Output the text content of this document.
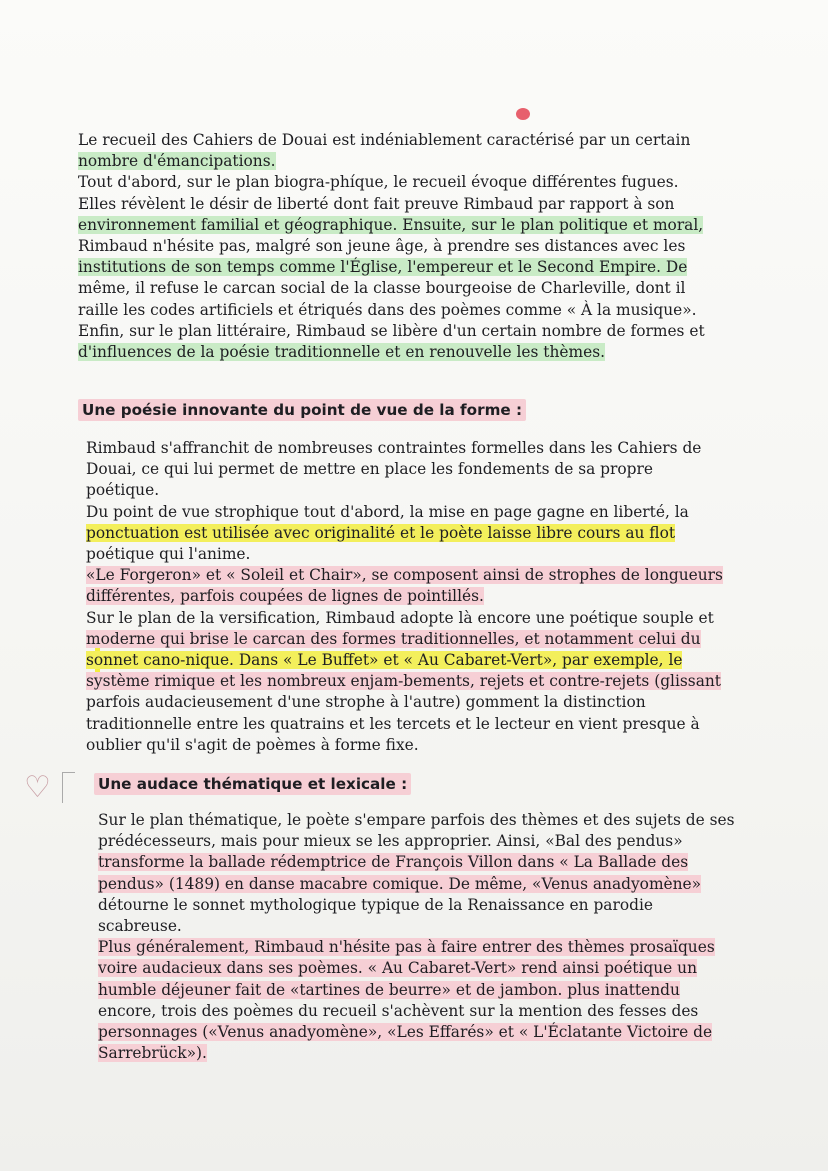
♡

Le recueil des Cahiers de Douai est indéniablement caractérisé par un certain

nombre d'émancipations.

Tout d'abord, sur le plan biogra-phíque, le recueil évoque différentes fugues.

Elles révèlent le désir de liberté dont fait preuve Rimbaud par rapport à son

environnement familial et géographique. Ensuite, sur le plan politique et moral,

Rimbaud n'hésite pas, malgré son jeune âge, à prendre ses distances avec les

institutions de son temps comme l'Église, l'empereur et le Second Empire. De

même, il refuse le carcan social de la classe bourgeoise de Charleville, dont il

raille les codes artificiels et étriqués dans des poèmes comme « À la musique».

Enfin, sur le plan littéraire, Rimbaud se libère d'un certain nombre de formes et

d'influences de la poésie traditionnelle et en renouvelle les thèmes.

Une poésie innovante du point de vue de la forme :

Rimbaud s'affranchit de nombreuses contraintes formelles dans les Cahiers de

Douai, ce qui lui permet de mettre en place les fondements de sa propre

poétique.

Du point de vue strophique tout d'abord, la mise en page gagne en liberté, la

ponctuation est utilisée avec originalité et le poète laisse libre cours au flot

poétique qui l'anime.

«Le Forgeron» et « Soleil et Chair», se composent ainsi de strophes de longueurs

différentes, parfois coupées de lignes de pointillés.

Sur le plan de la versification, Rimbaud adopte là encore une poétique souple et

moderne qui brise le carcan des formes traditionnelles, et notamment celui du

sonnet cano-nique. Dans « Le Buffet» et « Au Cabaret-Vert», par exemple, le

système rimique et les nombreux enjam-bements, rejets et contre-rejets (glissant

parfois audacieusement d'une strophe à l'autre) gomment la distinction

traditionnelle entre les quatrains et les tercets et le lecteur en vient presque à

oublier qu'il s'agit de poèmes à forme fixe.

Une audace thématique et lexicale :

Sur le plan thématique, le poète s'empare parfois des thèmes et des sujets de ses

prédécesseurs, mais pour mieux se les approprier. Ainsi, «Bal des pendus»

transforme la ballade rédemptrice de François Villon dans « La Ballade des

pendus» (1489) en danse macabre comique. De même, «Venus anadyomène»

détourne le sonnet mythologique typique de la Renaissance en parodie

scabreuse.

Plus généralement, Rimbaud n'hésite pas à faire entrer des thèmes prosaïques

voire audacieux dans ses poèmes. « Au Cabaret-Vert» rend ainsi poétique un

humble déjeuner fait de «tartines de beurre» et de jambon. plus inattendu

encore, trois des poèmes du recueil s'achèvent sur la mention des fesses des

personnages («Venus anadyomène», «Les Effarés» et « L'Éclatante Victoire de

Sarrebrück»).
